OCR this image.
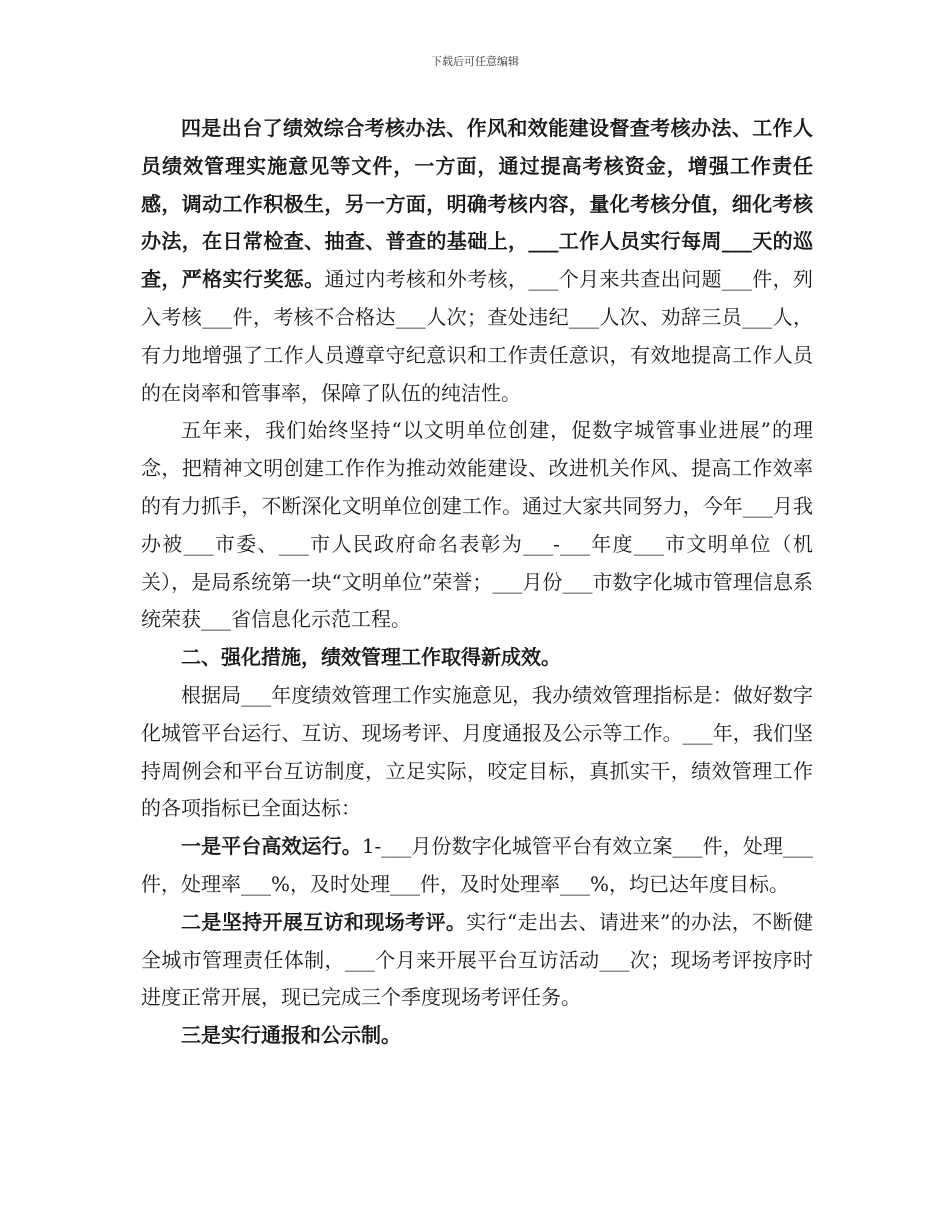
下载后可任意编辑

四是出台了绩效综合考核办法、作风和效能建设督查考核办法、工作人员绩效管理实施意见等文件，一方面，通过提高考核资金，增强工作责任感，调动工作积极生，另一方面，明确考核内容，量化考核分值，细化考核办法，在日常检查、抽查、普查的基础上，___工作人员实行每周___天的巡查，严格实行奖惩。通过内考核和外考核，___个月来共查出问题___件，列入考核___件，考核不合格达___人次；查处违纪___人次、劝辞三员___人，有力地增强了工作人员遵章守纪意识和工作责任意识，有效地提高工作人员的在岗率和管事率，保障了队伍的纯洁性。

五年来，我们始终坚持“以文明单位创建，促数字城管事业进展”的理念，把精神文明创建工作作为推动效能建设、改进机关作风、提高工作效率的有力抓手，不断深化文明单位创建工作。通过大家共同努力，今年___月我办被___市委、___市人民政府命名表彰为___-___年度___市文明单位（机关），是局系统第一块“文明单位”荣誉；___月份___市数字化城市管理信息系统荣获___省信息化示范工程。

二、强化措施，绩效管理工作取得新成效。

根据局___年度绩效管理工作实施意见，我办绩效管理指标是：做好数字化城管平台运行、互访、现场考评、月度通报及公示等工作。___年，我们坚持周例会和平台互访制度，立足实际，咬定目标，真抓实干，绩效管理工作的各项指标已全面达标：

一是平台高效运行。1-___月份数字化城管平台有效立案___件，处理___件，处理率___%，及时处理___件，及时处理率___%，均已达年度目标。

二是坚持开展互访和现场考评。实行“走出去、请进来”的办法，不断健全城市管理责任体制，___个月来开展平台互访活动___次；现场考评按序时进度正常开展，现已完成三个季度现场考评任务。

三是实行通报和公示制。
